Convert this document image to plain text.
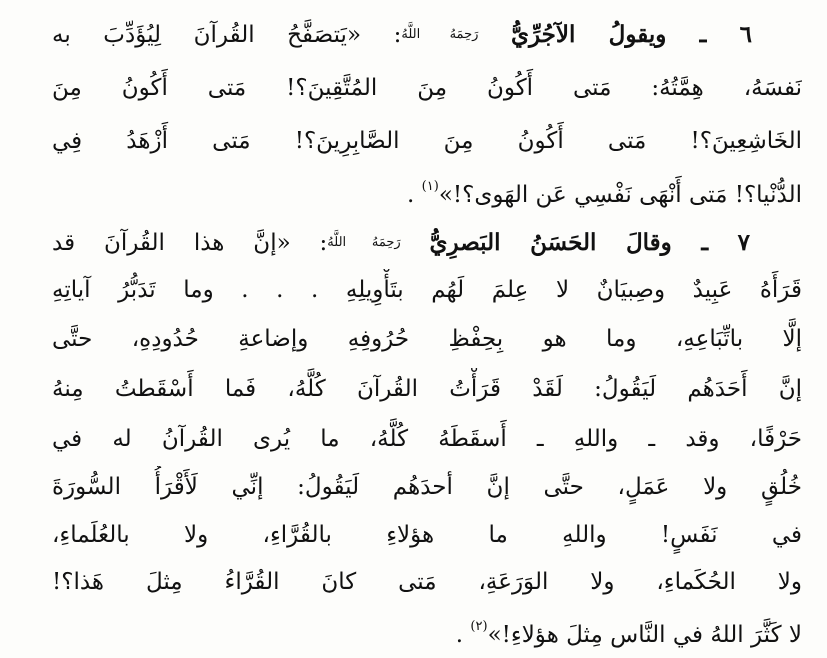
٦ ـ ويقولُ الآجُرِّيُّ رَحِمَهُ اللَّهُ: «يَتصَفَّحُ القُرآنَ لِيُؤَدِّبَ به
نَفسَهُ، هِمَّتُهُ: مَتى أَكُونُ مِنَ المُتَّقِينَ؟! مَتى أَكُونُ مِنَ
الخَاشِعِينَ؟! مَتى أَكُونُ مِنَ الصَّابِرِينَ؟! مَتى أَزْهَدُ فِي
الدُّنْيا؟! مَتى أَنْهَى نَفْسِي عَنِ الهَوى؟!»$^{(١)}$ .
٧ ـ وقالَ الحَسَنُ البَصرِيُّ رَحِمَهُ اللَّهُ: «إنَّ هذا القُرآنَ قد
قَرَأَهُ عَبِيدٌ وصِبيَانٌ لا عِلمَ لَهُم بتَأْوِيلِهِ . . . وما تَدَبُّرُ آياتِهِ
إلَّا باتِّبَاعِهِ، وما هو بِحِفْظِ حُرُوفِهِ وإضاعةِ حُدُودِهِ، حتَّى
إنَّ أَحَدَهُم لَيَقُولُ: لَقَدْ قَرَأْتُ القُرآنَ كُلَّهُ، فَما أَسْقَطتُ مِنهُ
حَرْفًا، وقد ـ واللهِ ـ أَسقَطَهُ كُلَّهُ، ما يُرى القُرآنُ له في
خُلُقٍ ولا عَمَلٍ، حتَّى إنَّ أحدَهُم لَيَقُولُ: إنِّي لَأَقْرَأُ السُّورَةَ
في نَفَسٍ! واللهِ ما هؤلاءِ بالقُرَّاءِ، ولا بالعُلَماءِ،
ولا الحُكَماءِ، ولا الوَرَعَةِ، مَتى كانَ القُرَّاءُ مِثلَ هَذا؟!
لا كَثَّرَ اللهُ في النَّاسِ مِثلَ هؤلاءِ!»$^{(٢)}$ .
